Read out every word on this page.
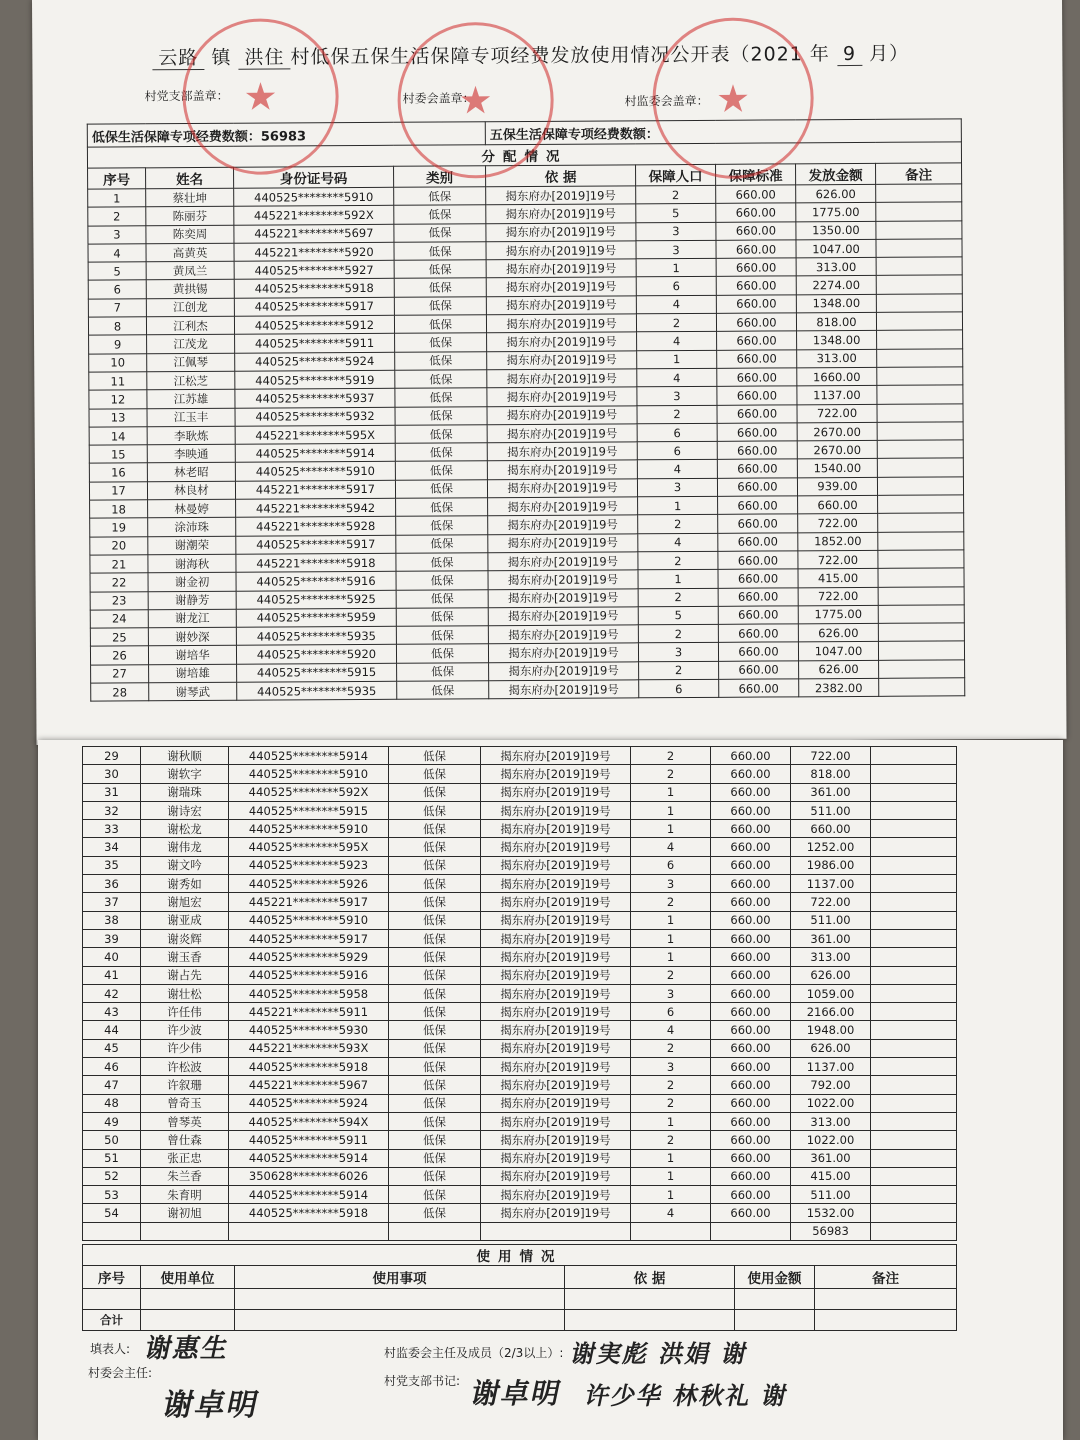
云路 镇 洪住 村低保五保生活保障专项经费发放使用情况公开表（2021 年 9 月）
村党支部盖章：	村委会盖章：	村监委会盖章：
低保生活保障专项经费数额：56983				五保生活保障专项经费数额：				
分配情况								
序号	姓名	身份证号码	类别	依 据	保障人口	保障标准	发放金额	备注
1	蔡壮坤	440525********5910	低保	揭东府办[2019]19号	2	660.00	626.00	
2	陈丽芬	445221********592X	低保	揭东府办[2019]19号	5	660.00	1775.00	
3	陈奕周	445221********5697	低保	揭东府办[2019]19号	3	660.00	1350.00	
4	高黄英	445221********5920	低保	揭东府办[2019]19号	3	660.00	1047.00	
5	黄凤兰	440525********5927	低保	揭东府办[2019]19号	1	660.00	313.00	
6	黄拱锡	440525********5918	低保	揭东府办[2019]19号	6	660.00	2274.00	
7	江创龙	440525********5917	低保	揭东府办[2019]19号	4	660.00	1348.00	
8	江利杰	440525********5912	低保	揭东府办[2019]19号	2	660.00	818.00	
9	江茂龙	440525********5911	低保	揭东府办[2019]19号	4	660.00	1348.00	
10	江佩琴	440525********5924	低保	揭东府办[2019]19号	1	660.00	313.00	
11	江松芝	440525********5919	低保	揭东府办[2019]19号	4	660.00	1660.00	
12	江苏雄	440525********5937	低保	揭东府办[2019]19号	3	660.00	1137.00	
13	江玉丰	440525********5932	低保	揭东府办[2019]19号	2	660.00	722.00	
14	李耿炼	445221********595X	低保	揭东府办[2019]19号	6	660.00	2670.00	
15	李映通	440525********5914	低保	揭东府办[2019]19号	6	660.00	2670.00	
16	林老昭	440525********5910	低保	揭东府办[2019]19号	4	660.00	1540.00	
17	林良材	445221********5917	低保	揭东府办[2019]19号	3	660.00	939.00	
18	林曼婷	445221********5942	低保	揭东府办[2019]19号	1	660.00	660.00	
19	涂沛珠	445221********5928	低保	揭东府办[2019]19号	2	660.00	722.00	
20	谢潮荣	440525********5917	低保	揭东府办[2019]19号	4	660.00	1852.00	
21	谢海秋	445221********5918	低保	揭东府办[2019]19号	2	660.00	722.00	
22	谢金初	440525********5916	低保	揭东府办[2019]19号	1	660.00	415.00	
23	谢静芳	440525********5925	低保	揭东府办[2019]19号	2	660.00	722.00	
24	谢龙江	440525********5959	低保	揭东府办[2019]19号	5	660.00	1775.00	
25	谢妙深	440525********5935	低保	揭东府办[2019]19号	2	660.00	626.00	
26	谢培华	440525********5920	低保	揭东府办[2019]19号	3	660.00	1047.00	
27	谢培雄	440525********5915	低保	揭东府办[2019]19号	2	660.00	626.00	
28	谢琴武	440525********5935	低保	揭东府办[2019]19号	6	660.00	2382.00	
★	★	★
29	谢秋顺	440525********5914	低保	揭东府办[2019]19号	2	660.00	722.00	
30	谢软字	440525********5910	低保	揭东府办[2019]19号	2	660.00	818.00	
31	谢瑞珠	440525********592X	低保	揭东府办[2019]19号	1	660.00	361.00	
32	谢诗宏	440525********5915	低保	揭东府办[2019]19号	1	660.00	511.00	
33	谢松龙	440525********5910	低保	揭东府办[2019]19号	1	660.00	660.00	
34	谢伟龙	440525********595X	低保	揭东府办[2019]19号	4	660.00	1252.00	
35	谢文吟	440525********5923	低保	揭东府办[2019]19号	6	660.00	1986.00	
36	谢秀如	440525********5926	低保	揭东府办[2019]19号	3	660.00	1137.00	
37	谢旭宏	445221********5917	低保	揭东府办[2019]19号	2	660.00	722.00	
38	谢亚成	440525********5910	低保	揭东府办[2019]19号	1	660.00	511.00	
39	谢炎辉	440525********5917	低保	揭东府办[2019]19号	1	660.00	361.00	
40	谢玉香	440525********5929	低保	揭东府办[2019]19号	1	660.00	313.00	
41	谢占先	440525********5916	低保	揭东府办[2019]19号	2	660.00	626.00	
42	谢壮松	440525********5958	低保	揭东府办[2019]19号	3	660.00	1059.00	
43	许任伟	445221********5911	低保	揭东府办[2019]19号	6	660.00	2166.00	
44	许少波	440525********5930	低保	揭东府办[2019]19号	4	660.00	1948.00	
45	许少伟	445221********593X	低保	揭东府办[2019]19号	2	660.00	626.00	
46	许松波	440525********5918	低保	揭东府办[2019]19号	3	660.00	1137.00	
47	许叙珊	445221********5967	低保	揭东府办[2019]19号	2	660.00	792.00	
48	曾奇玉	440525********5924	低保	揭东府办[2019]19号	2	660.00	1022.00	
49	曾琴英	440525********594X	低保	揭东府办[2019]19号	1	660.00	313.00	
50	曾仕森	440525********5911	低保	揭东府办[2019]19号	2	660.00	1022.00	
51	张正忠	440525********5914	低保	揭东府办[2019]19号	1	660.00	361.00	
52	朱兰香	350628********6026	低保	揭东府办[2019]19号	1	660.00	415.00	
53	朱育明	440525********5914	低保	揭东府办[2019]19号	1	660.00	511.00	
54	谢初旭	440525********5918	低保	揭东府办[2019]19号	4	660.00	1532.00	
							56983	
使用情况					
序号	使用单位	使用事项	依 据	使用金额	备注

合计					
填表人: 谢惠生
村委会主任:
谢卓明
村监委会主任及成员（2/3以上）: 谢実彪 洪娟 谢
村党支部书记: 谢卓明 许少华 林秋礼 谢
